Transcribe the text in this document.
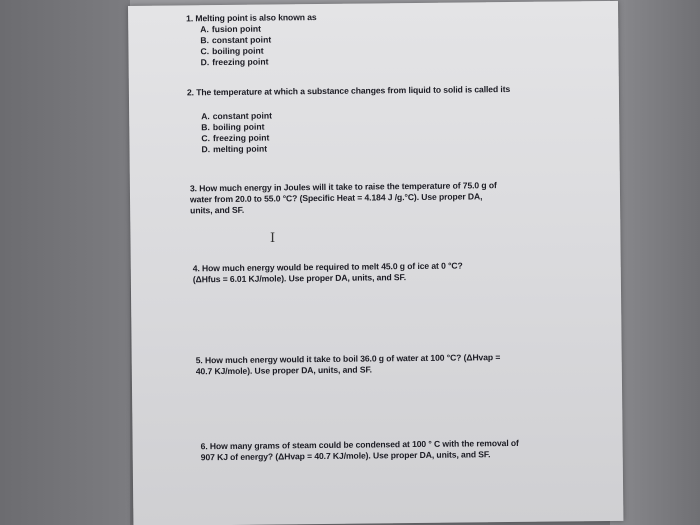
1. Melting point is also known as
A. fusion point
B. constant point
C. boiling point
D. freezing point
2. The temperature at which a substance changes from liquid to solid is called its
A. constant point
B. boiling point
C. freezing point
D. melting point
3. How much energy in Joules will it take to raise the temperature of 75.0 g of
water from 20.0 to 55.0 °C? (Specific Heat = 4.184 J /g.°C). Use proper DA,
units, and SF.
4. How much energy would be required to melt 45.0 g of ice at 0 °C?
(ΔHfus = 6.01 KJ/mole). Use proper DA, units, and SF.
5. How much energy would it take to boil 36.0 g of water at 100 °C? (ΔHvap =
40.7 KJ/mole). Use proper DA, units, and SF.
6. How many grams of steam could be condensed at 100 ° C with the removal of
907 KJ of energy? (ΔHvap = 40.7 KJ/mole). Use proper DA, units, and SF.
I
